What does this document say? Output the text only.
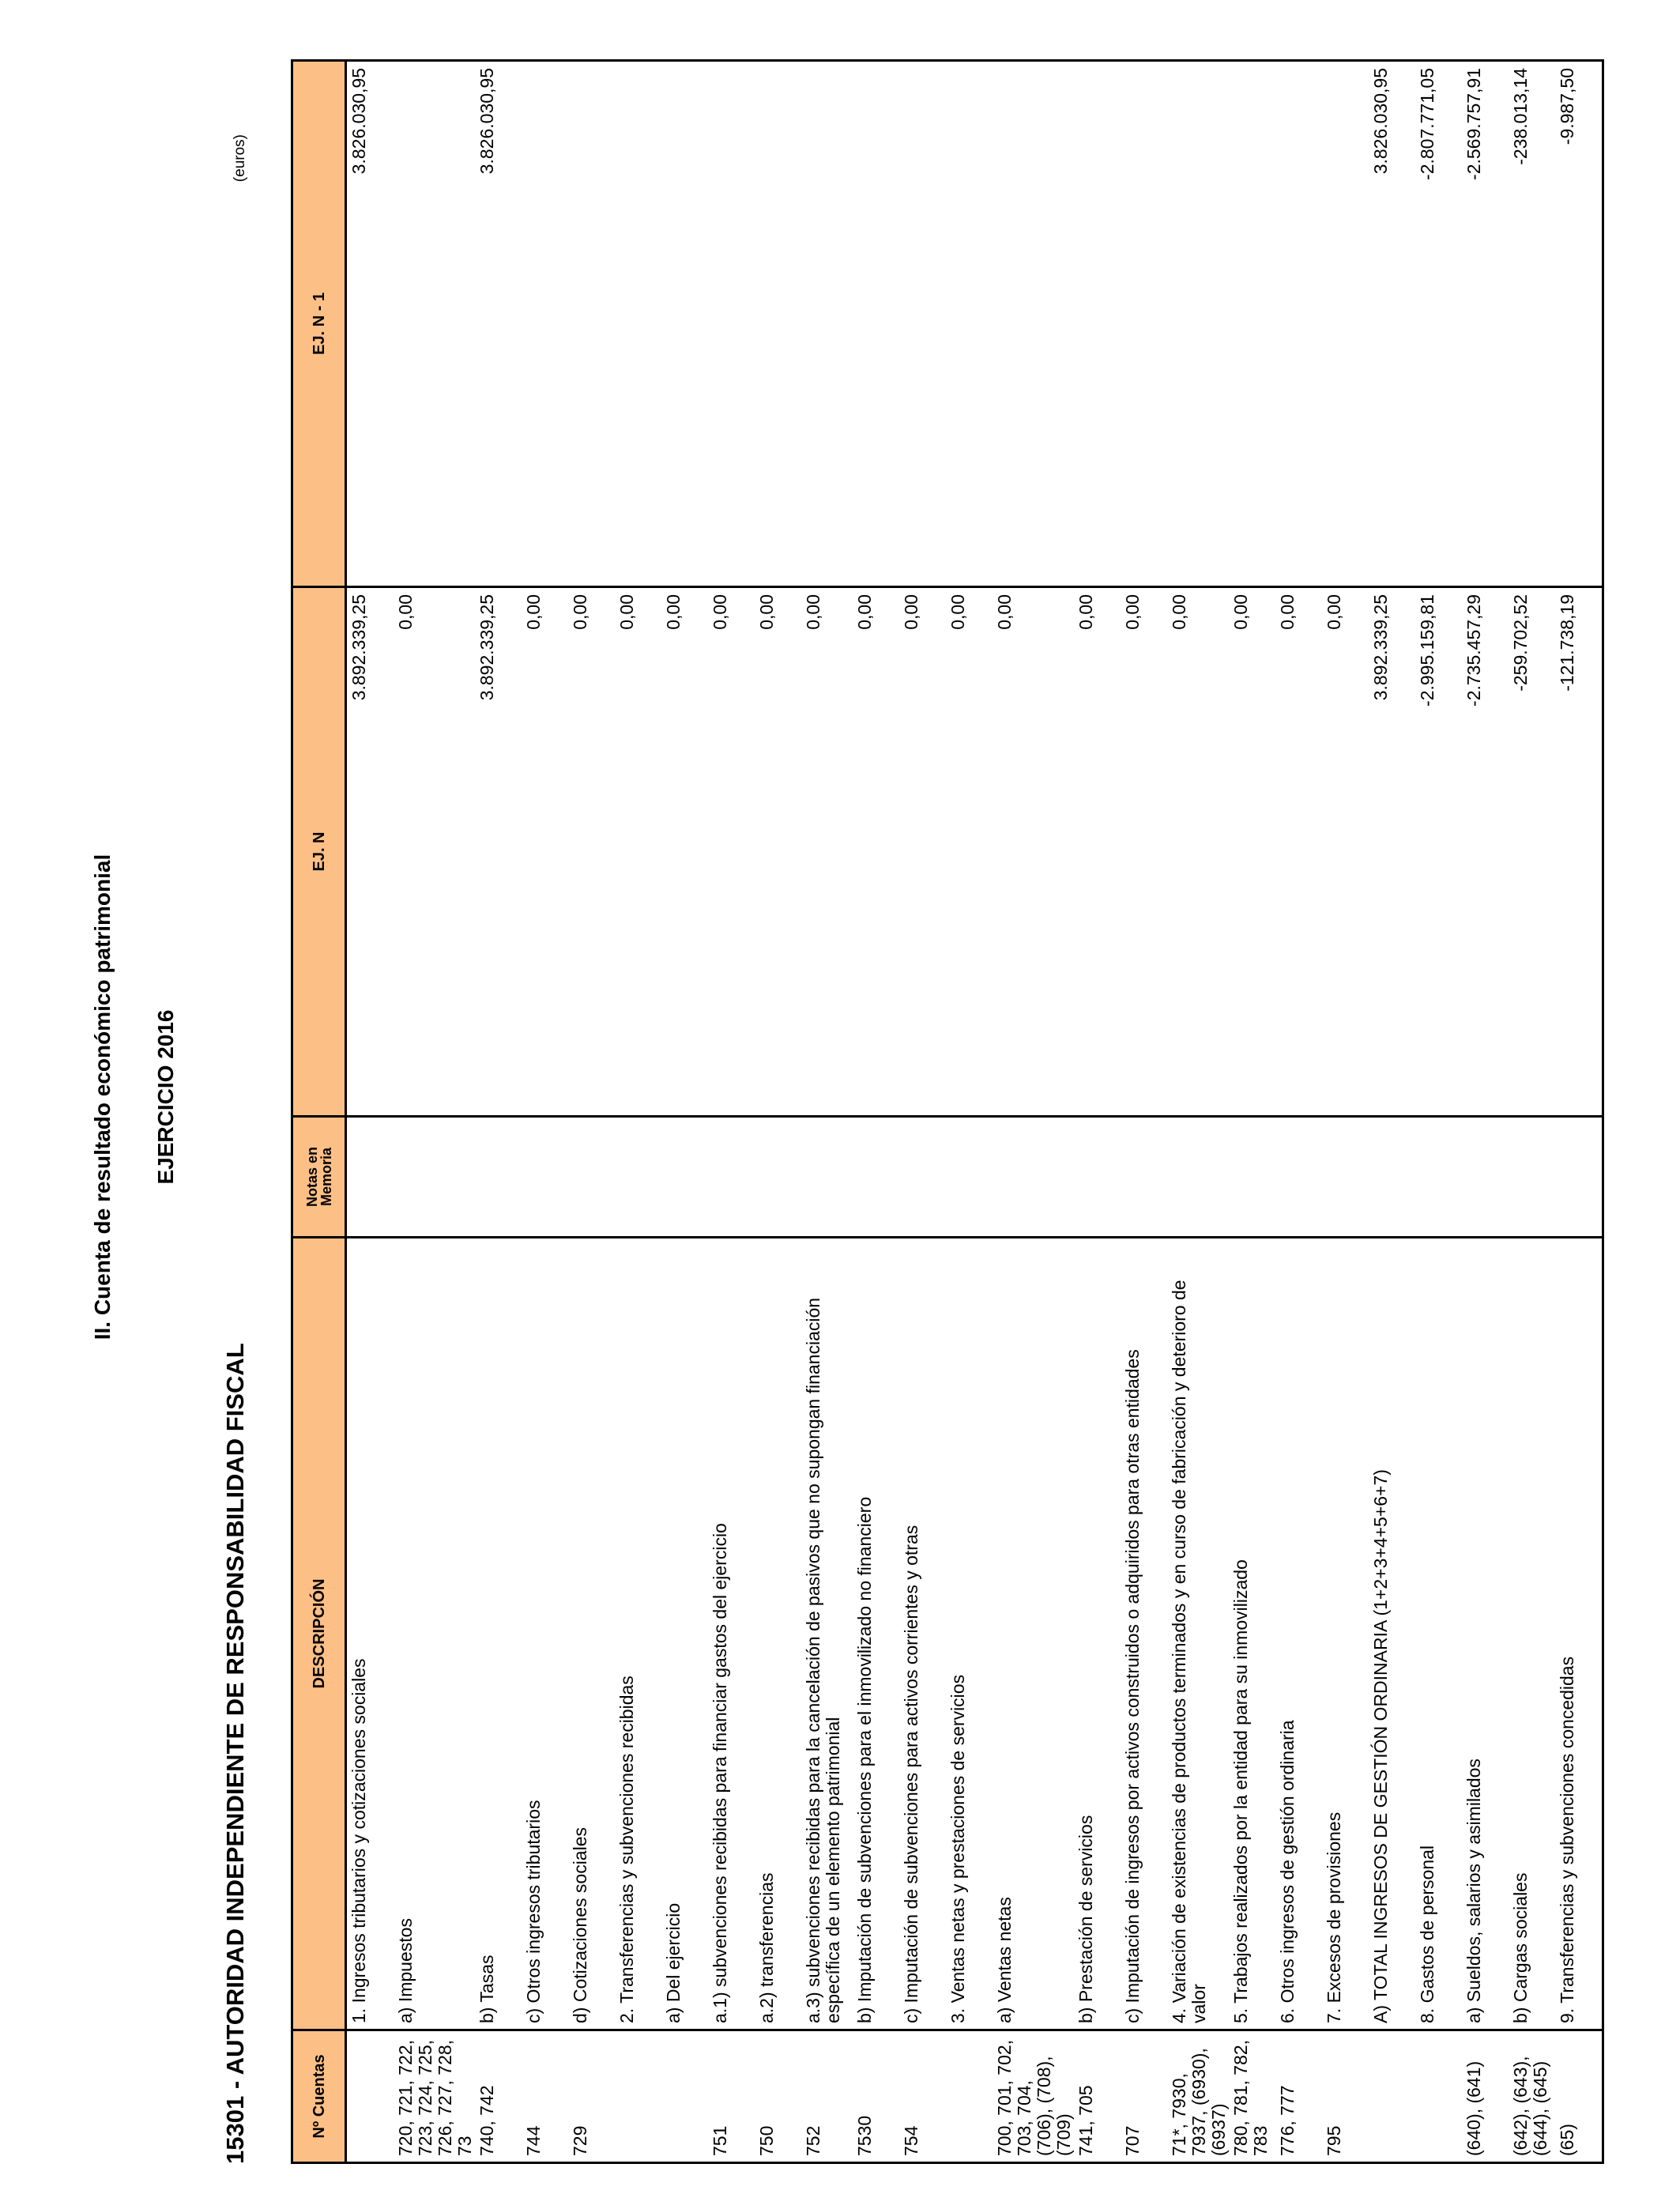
II. Cuenta de resultado económico patrimonial EJERCICIO 2016
15301 - AUTORIDAD INDEPENDIENTE DE RESPONSABILIDAD FISCAL
(euros)
Nº Cuentas	DESCRIPCIÓN	Notas en Memoria	EJ. N	EJ. N - 1
	1. Ingresos tributarios y cotizaciones sociales		3.892.339,25	3.826.030,95
720, 721, 722, 723, 724, 725, 726, 727, 728, 73	a) Impuestos		0,00	
740, 742	b) Tasas		3.892.339,25	3.826.030,95
744	c) Otros ingresos tributarios		0,00	
729	d) Cotizaciones sociales		0,00	
	2. Transferencias y subvenciones recibidas		0,00	
	a) Del ejercicio		0,00	
751	a.1) subvenciones recibidas para financiar gastos del ejercicio		0,00	
750	a.2) transferencias		0,00	
752	a.3) subvenciones recibidas para la cancelación de pasivos que no supongan financiación específica de un elemento patrimonial		0,00	
7530	b) Imputación de subvenciones para el inmovilizado no financiero		0,00	
754	c) Imputación de subvenciones para activos corrientes y otras		0,00	
	3. Ventas netas y prestaciones de servicios		0,00	
700, 701, 702, 703, 704, (706), (708), (709)	a) Ventas netas		0,00	
741, 705	b) Prestación de servicios		0,00	
707	c) Imputación de ingresos por activos construidos o adquiridos para otras entidades		0,00	
71*, 7930, 7937, (6930), (6937)	4. Variación de existencias de productos terminados y en curso de fabricación y deterioro de valor		0,00	
780, 781, 782, 783	5. Trabajos realizados por la entidad para su inmovilizado		0,00	
776, 777	6. Otros ingresos de gestión ordinaria		0,00	
795	7. Excesos de provisiones		0,00	
	A) TOTAL INGRESOS DE GESTIÓN ORDINARIA (1+2+3+4+5+6+7)		3.892.339,25	3.826.030,95
	8. Gastos de personal		-2.995.159,81	-2.807.771,05
(640), (641)	a) Sueldos, salarios y asimilados		-2.735.457,29	-2.569.757,91
(642), (643), (644), (645)	b) Cargas sociales		-259.702,52	-238.013,14
(65)	9. Transferencias y subvenciones concedidas		-121.738,19	-9.987,50
